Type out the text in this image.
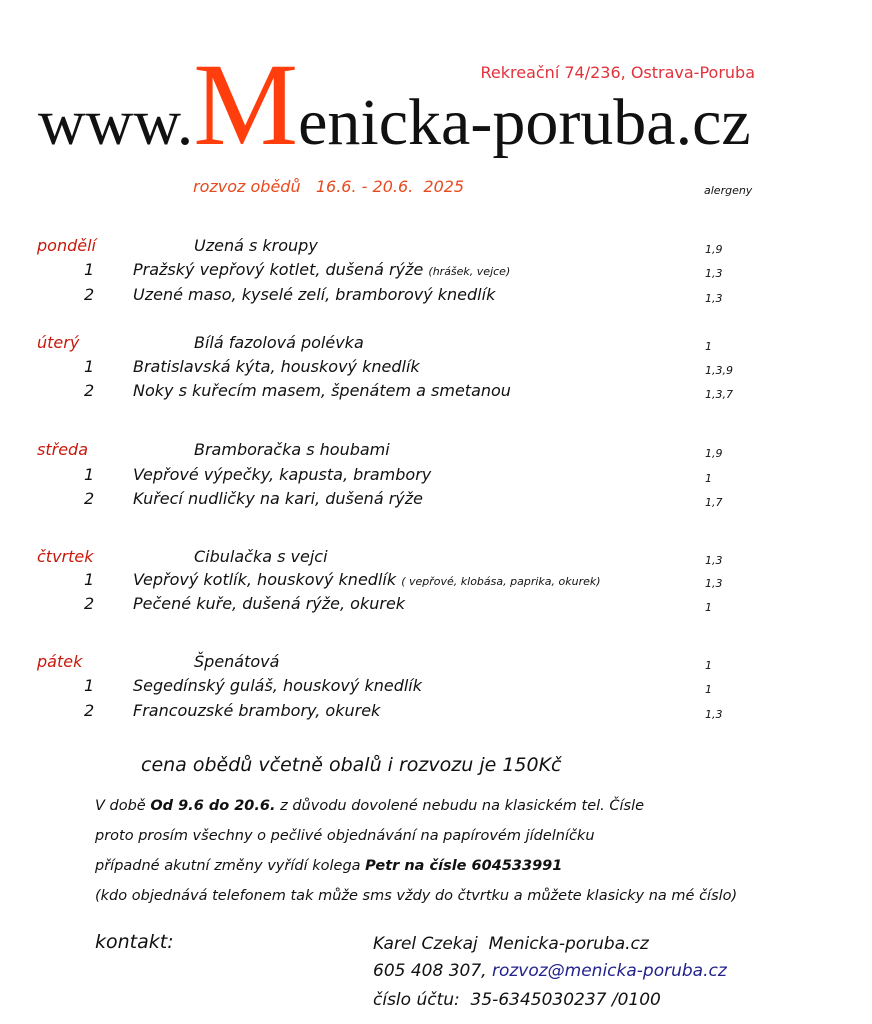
Rekreační 74/236, Ostrava-Poruba
www. M enicka-poruba.cz
rozvoz obědů   16.6. - 20.6.  2025	alergeny
pondělí	Uzená s kroupy	1,9
1 Pražský vepřový kotlet, dušená rýže (hrášek, vejce)	1,3
2 Uzené maso, kyselé zelí, bramborový knedlík	1,3
úterý	Bílá fazolová polévka	1
1 Bratislavská kýta, houskový knedlík	1,3,9
2 Noky s kuřecím masem, špenátem a smetanou	1,3,7
středa	Bramboračka s houbami	1,9
1 Vepřové výpečky, kapusta, brambory	1
2 Kuřecí nudličky na kari, dušená rýže	1,7
čtvrtek	Cibulačka s vejci	1,3
1 Vepřový kotlík, houskový knedlík ( vepřové, klobása, paprika, okurek)	1,3
2 Pečené kuře, dušená rýže, okurek	1
pátek	Špenátová	1
1 Segedínský guláš, houskový knedlík	1
2 Francouzské brambory, okurek	1,3
cena obědů včetně obalů i rozvozu je 150Kč
V době Od 9.6 do 20.6. z důvodu dovolené nebudu na klasickém tel. Čísle
proto prosím všechny o pečlivé objednávání na papírovém jídelníčku
případné akutní změny vyřídí kolega Petr na čísle 604533991
(kdo objednává telefonem tak může sms vždy do čtvrtku a můžete klasicky na mé číslo)
kontakt:	Karel Czekaj  Menicka-poruba.cz
605 408 307, rozvoz@menicka-poruba.cz
číslo účtu:  35-6345030237 /0100
